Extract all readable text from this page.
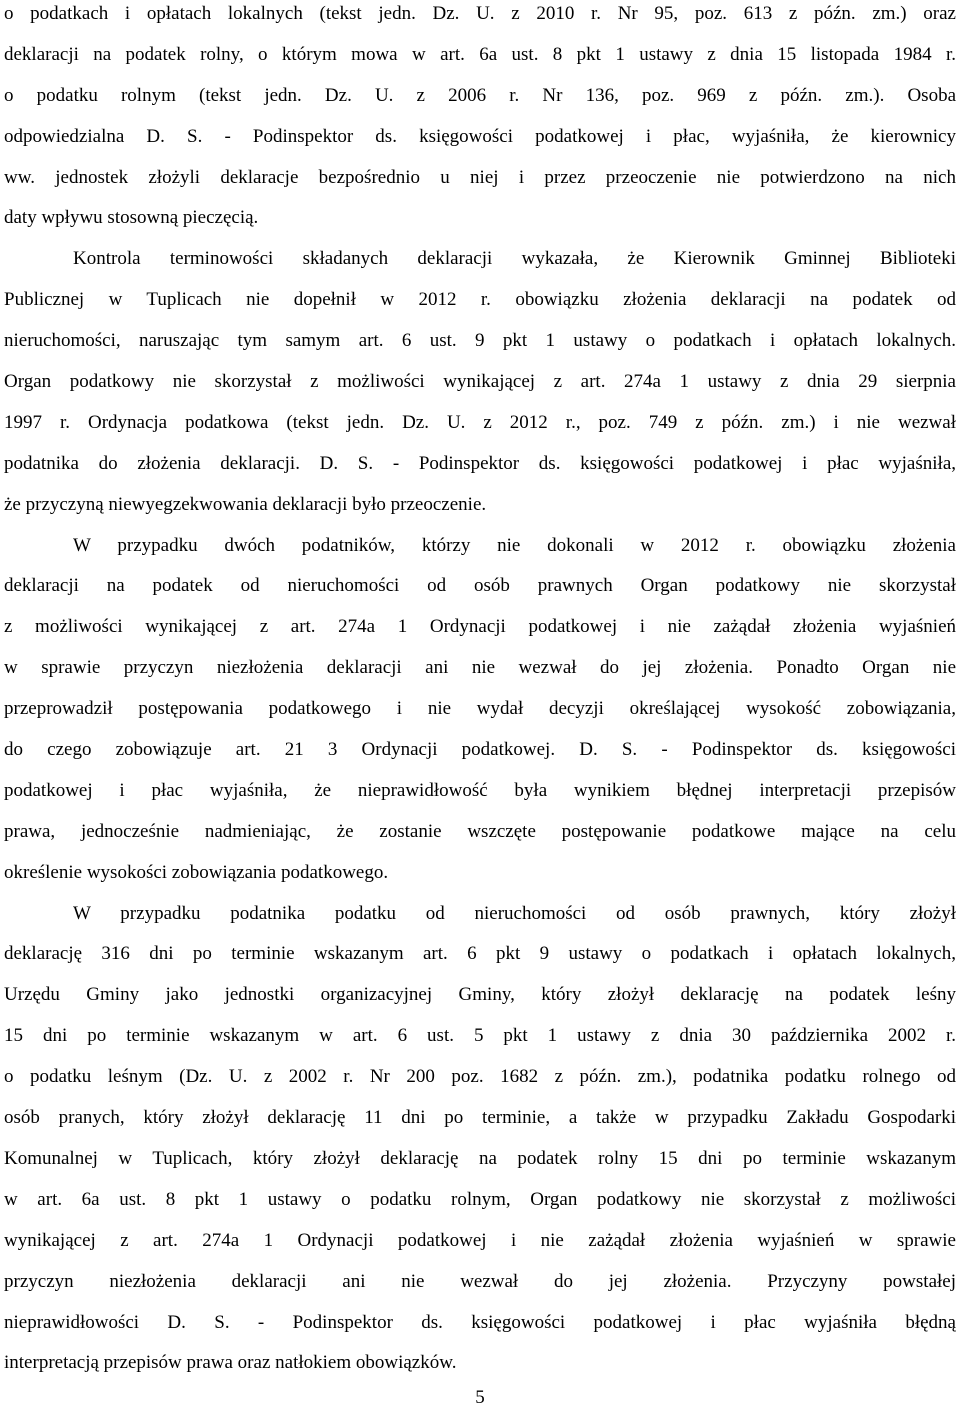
o podatkach i opłatach lokalnych (tekst jedn. Dz. U. z 2010 r. Nr 95, poz. 613 z późn. zm.) oraz
deklaracji na podatek rolny, o którym mowa w art. 6a ust. 8 pkt 1 ustawy z dnia 15 listopada 1984 r.
o podatku rolnym (tekst jedn. Dz. U. z 2006 r. Nr 136, poz. 969 z późn. zm.). Osoba
odpowiedzialna D. S. - Podinspektor ds. księgowości podatkowej i płac, wyjaśniła, że kierownicy
ww. jednostek złożyli deklaracje bezpośrednio u niej i przez przeoczenie nie potwierdzono na nich
daty wpływu stosowną pieczęcią.
Kontrola terminowości składanych deklaracji wykazała, że Kierownik Gminnej Biblioteki
Publicznej w Tuplicach nie dopełnił w 2012 r. obowiązku złożenia deklaracji na podatek od
nieruchomości, naruszając tym samym art. 6 ust. 9 pkt 1 ustawy o podatkach i opłatach lokalnych.
Organ podatkowy nie skorzystał z możliwości wynikającej z art. 274a 1 ustawy z dnia 29 sierpnia
1997 r. Ordynacja podatkowa (tekst jedn. Dz. U. z 2012 r., poz. 749 z późn. zm.) i nie wezwał
podatnika do złożenia deklaracji. D. S. - Podinspektor ds. księgowości podatkowej i płac wyjaśniła,
że przyczyną niewyegzekwowania deklaracji było przeoczenie.
W przypadku dwóch podatników, którzy nie dokonali w 2012 r. obowiązku złożenia
deklaracji na podatek od nieruchomości od osób prawnych Organ podatkowy nie skorzystał
z możliwości wynikającej z art. 274a 1 Ordynacji podatkowej i nie zażądał złożenia wyjaśnień
w sprawie przyczyn niezłożenia deklaracji ani nie wezwał do jej złożenia. Ponadto Organ nie
przeprowadził postępowania podatkowego i nie wydał decyzji określającej wysokość zobowiązania,
do czego zobowiązuje art. 21 3 Ordynacji podatkowej. D. S. - Podinspektor ds. księgowości
podatkowej i płac wyjaśniła, że nieprawidłowość była wynikiem błędnej interpretacji przepisów
prawa, jednocześnie nadmieniając, że zostanie wszczęte postępowanie podatkowe mające na celu
określenie wysokości zobowiązania podatkowego.
W przypadku podatnika podatku od nieruchomości od osób prawnych, który złożył
deklarację 316 dni po terminie wskazanym art. 6 pkt 9 ustawy o podatkach i opłatach lokalnych,
Urzędu Gminy jako jednostki organizacyjnej Gminy, który złożył deklarację na podatek leśny
15 dni po terminie wskazanym w art. 6 ust. 5 pkt 1 ustawy z dnia 30 października 2002 r.
o podatku leśnym (Dz. U. z 2002 r. Nr 200 poz. 1682 z późn. zm.), podatnika podatku rolnego od
osób pranych, który złożył deklarację 11 dni po terminie, a także w przypadku Zakładu Gospodarki
Komunalnej w Tuplicach, który złożył deklarację na podatek rolny 15 dni po terminie wskazanym
w art. 6a ust. 8 pkt 1 ustawy o podatku rolnym, Organ podatkowy nie skorzystał z możliwości
wynikającej z art. 274a 1 Ordynacji podatkowej i nie zażądał złożenia wyjaśnień w sprawie
przyczyn niezłożenia deklaracji ani nie wezwał do jej złożenia. Przyczyny powstałej
nieprawidłowości D. S. - Podinspektor ds. księgowości podatkowej i płac wyjaśniła błędną
interpretacją przepisów prawa oraz natłokiem obowiązków.
5
